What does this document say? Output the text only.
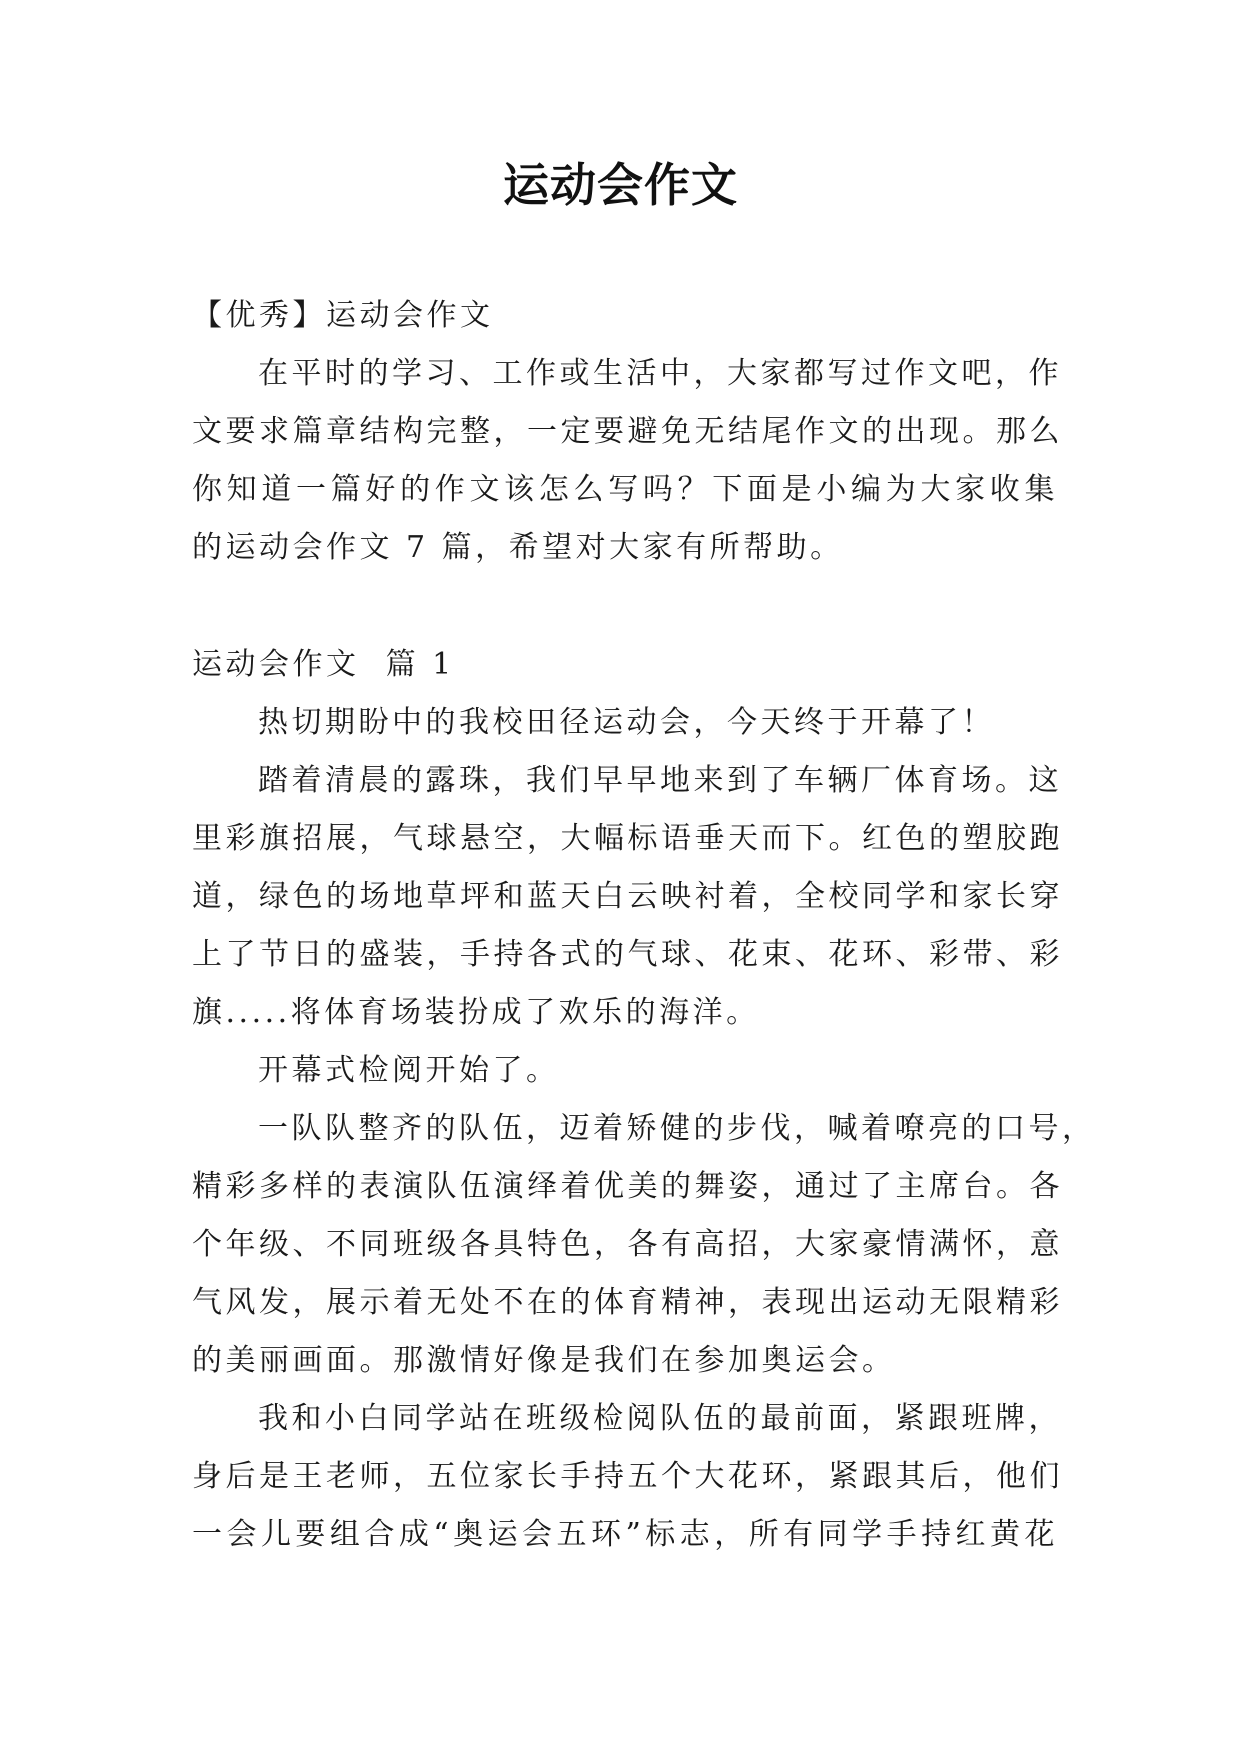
运动会作文
【优秀】运动会作文
在平时的学习、工作或生活中，大家都写过作文吧，作
文要求篇章结构完整，一定要避免无结尾作文的出现。那么
你知道一篇好的作文该怎么写吗？下面是小编为大家收集
的运动会作文 7 篇，希望对大家有所帮助。
运动会作文  篇 1
热切期盼中的我校田径运动会，今天终于开幕了！
踏着清晨的露珠，我们早早地来到了车辆厂体育场。这
里彩旗招展，气球悬空，大幅标语垂天而下。红色的塑胶跑
道，绿色的场地草坪和蓝天白云映衬着，全校同学和家长穿
上了节日的盛装，手持各式的气球、花束、花环、彩带、彩
旗.....将体育场装扮成了欢乐的海洋。
开幕式检阅开始了。
一队队整齐的队伍，迈着矫健的步伐，喊着嘹亮的口号，
精彩多样的表演队伍演绎着优美的舞姿，通过了主席台。各
个年级、不同班级各具特色，各有高招，大家豪情满怀，意
气风发，展示着无处不在的体育精神，表现出运动无限精彩
的美丽画面。那激情好像是我们在参加奥运会。
我和小白同学站在班级检阅队伍的最前面，紧跟班牌，
身后是王老师，五位家长手持五个大花环，紧跟其后，他们
一会儿要组合成“奥运会五环”标志，所有同学手持红黄花
